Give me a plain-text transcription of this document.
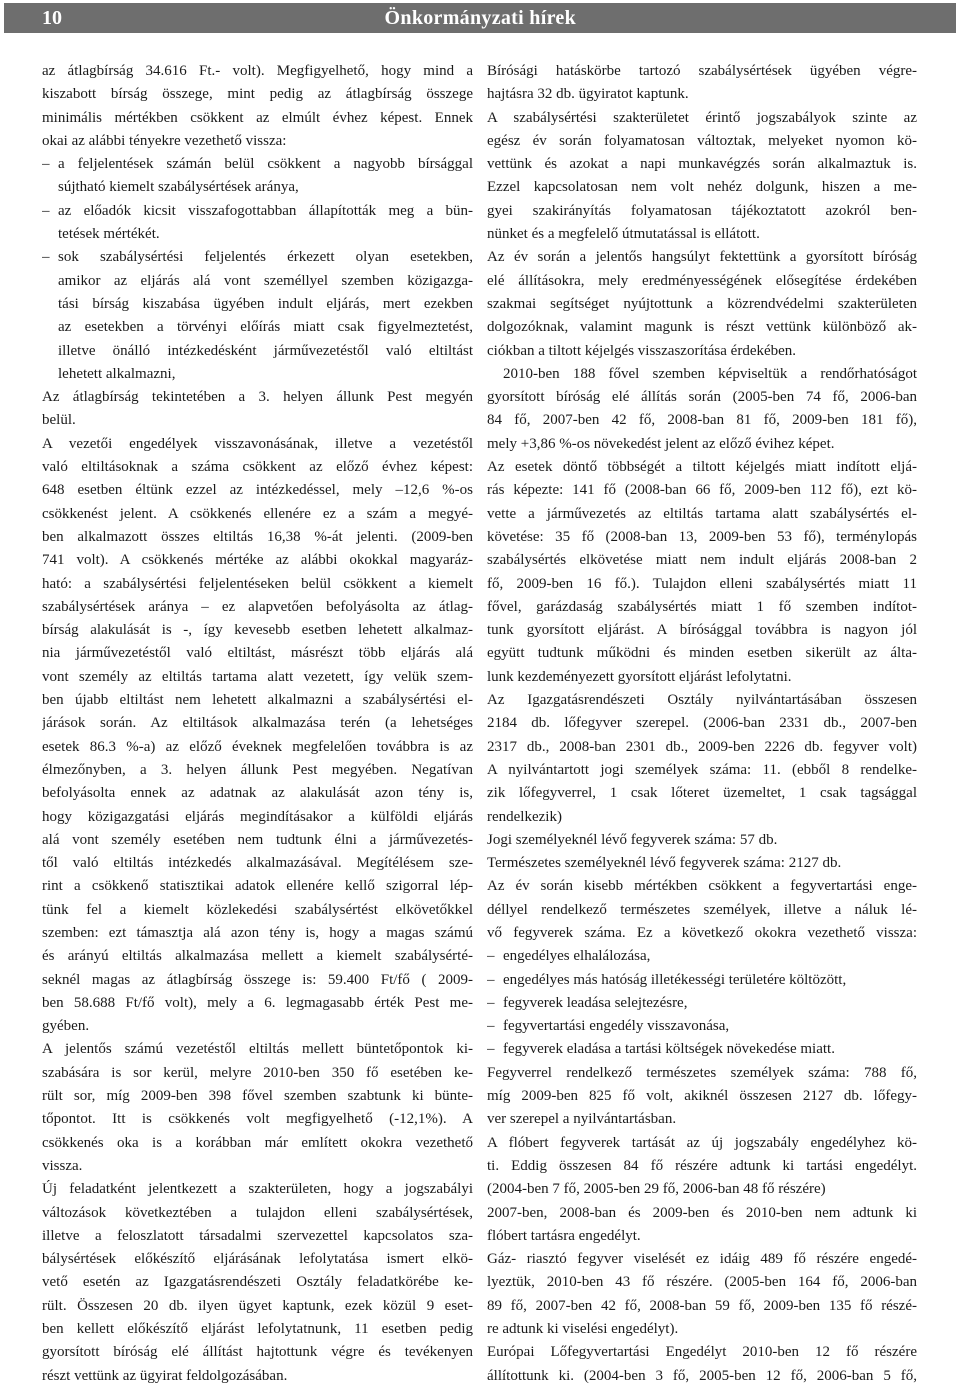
10	Önkormányzati hírek
az átlagbírság 34.616 Ft.- volt). Megfigyelhető, hogy mind a
kiszabott bírság összege, mint pedig az átlagbírság összege
minimális mértékben csökkent az elmúlt évhez képest. Ennek
okai az alábbi tényekre vezethető vissza:
– a feljelentések számán belül csökkent a nagyobb bírsággal
sújtható kiemelt szabálysértések aránya,
– az előadók kicsit visszafogottabban állapították meg a bün-
tetések mértékét.
– sok szabálysértési feljelentés érkezett olyan esetekben,
amikor az eljárás alá vont személlyel szemben közigazga-
tási bírság kiszabása ügyében indult eljárás, mert ezekben
az esetekben a törvényi előírás miatt csak figyelmeztetést,
illetve önálló intézkedésként járművezetéstől való eltiltást
lehetett alkalmazni,
Az átlagbírság tekintetében a 3. helyen állunk Pest megyén
belül.
A vezetői engedélyek visszavonásának, illetve a vezetéstől
való eltiltásoknak a száma csökkent az előző évhez képest:
648 esetben éltünk ezzel az intézkedéssel, mely –12,6 %-os
csökkenést jelent. A csökkenés ellenére ez a szám a megyé-
ben alkalmazott összes eltiltás 16,38 %-át jelenti. (2009-ben
741 volt). A csökkenés mértéke az alábbi okokkal magyaráz-
ható: a szabálysértési feljelentéseken belül csökkent a kiemelt
szabálysértések aránya – ez alapvetően befolyásolta az átlag-
bírság alakulását is -, így kevesebb esetben lehetett alkalmaz-
nia járművezetéstől való eltiltást, másrészt több eljárás alá
vont személy az eltiltás tartama alatt vezetett, így velük szem-
ben újabb eltiltást nem lehetett alkalmazni a szabálysértési el-
járások során. Az eltiltások alkalmazása terén (a lehetséges
esetek 86.3 %-a) az előző éveknek megfelelően továbbra is az
élmezőnyben, a 3. helyen állunk Pest megyében. Negatívan
befolyásolta ennek az adatnak az alakulását azon tény is,
hogy közigazgatási eljárás megindításakor a külföldi eljárás
alá vont személy esetében nem tudtunk élni a járművezetés-
től való eltiltás intézkedés alkalmazásával. Megítélésem sze-
rint a csökkenő statisztikai adatok ellenére kellő szigorral lép-
tünk fel a kiemelt közlekedési szabálysértést elkövetőkkel
szemben: ezt támasztja alá azon tény is, hogy a magas számú
és arányú eltiltás alkalmazása mellett a kiemelt szabálysérté-
seknél magas az átlagbírság összege is: 59.400 Ft/fő ( 2009-
ben 58.688 Ft/fő volt), mely a 6. legmagasabb érték Pest me-
gyében.
A jelentős számú vezetéstől eltiltás mellett büntetőpontok ki-
szabására is sor kerül, melyre 2010-ben 350 fő esetében ke-
rült sor, míg 2009-ben 398 fővel szemben szabtunk ki büntе-
tőpontot. Itt is csökkenés volt megfigyelhető (-12,1%). A
csökkenés oka is a korábban már említett okokra vezethető
vissza.
Új feladatként jelentkezett a szakterületen, hogy a jogszabályi
változások következtében a tulajdon elleni szabálysértések,
illetve a feloszlatott társadalmi szervezettel kapcsolatos sza-
bálysértések előkészítő eljárásának lefolytatása ismert elkö-
vető esetén az Igazgatásrendészeti Osztály feladatkörébe ke-
rült. Összesen 20 db. ilyen ügyet kaptunk, ezek közül 9 eset-
ben kellett előkészítő eljárást lefolytatnunk, 11 esetben pedig
gyorsított bíróság elé állítást hajtottunk végre és tevékenyen
részt vettünk az ügyirat feldolgozásában.
Bírósági hatáskörbe tartozó szabálysértések ügyében végre-
hajtásra 32 db. ügyiratot kaptunk.
A szabálysértési szakterületet érintő jogszabályok szinte az
egész év során folyamatosan változtak, melyeket nyomon kö-
vettünk és azokat a napi munkavégzés során alkalmaztuk is.
Ezzel kapcsolatosan nem volt nehéz dolgunk, hiszen a me-
gyei szakirányítás folyamatosan tájékoztatott azokról ben-
nünket és a megfelelő útmutatással is ellátott.
Az év során a jelentős hangsúlyt fektettünk a gyorsított bíróság
elé állításokra, mely eredményességének elősegítése érdekében
szakmai segítséget nyújtottunk a közrendvédelmi szakterületen
dolgozóknak, valamint magunk is részt vettünk különböző ak-
ciókban a tiltott kéjelgés visszaszorítása érdekében.
2010-ben 188 fővel szemben képviseltük a rendőrhatóságot
gyorsított bíróság elé állítás során (2005-ben 74 fő, 2006-ban
84 fő, 2007-ben 42 fő, 2008-ban 81 fő, 2009-ben 181 fő),
mely +3,86 %-os növekedést jelent az előző évihez képet.
Az esetek döntő többségét a tiltott kéjelgés miatt indított eljá-
rás képezte: 141 fő (2008-ban 66 fő, 2009-ben 112 fő), ezt kö-
vette a járművezetés az eltiltás tartama alatt szabálysértés el-
követése: 35 fő (2008-ban 13, 2009-ben 53 fő), terménylopás
szabálysértés elkövetése miatt nem indult eljárás 2008-ban 2
fő, 2009-ben 16 fő.). Tulajdon elleni szabálysértés miatt 11
fővel, garázdaság szabálysértés miatt 1 fő szemben indítot-
tunk gyorsított eljárást. A bírósággal továbbra is nagyon jól
együtt tudtunk működni és minden esetben sikerült az álta-
lunk kezdeményezett gyorsított eljárást lefolytatni.
Az Igazgatásrendészeti Osztály nyilvántartásában összesen
2184 db. lőfegyver szerepel. (2006-ban 2331 db., 2007-ben
2317 db., 2008-ban 2301 db., 2009-ben 2226 db. fegyver volt)
A nyilvántartott jogi személyek száma: 11. (ebből 8 rendelke-
zik lőfegyverrel, 1 csak lőteret üzemeltet, 1 csak tagsággal
rendelkezik)
Jogi személyeknél lévő fegyverek száma: 57 db.
Természetes személyeknél lévő fegyverek száma: 2127 db.
Az év során kisebb mértékben csökkent a fegyvertartási enge-
déllyel rendelkező természetes személyek, illetve a náluk lé-
vő fegyverek száma. Ez a következő okokra vezethető vissza:
– engedélyes elhalálozása,
– engedélyes más hatóság illetékességi területére költözött,
– fegyverek leadása selejtezésre,
– fegyvertartási engedély visszavonása,
– fegyverek eladása a tartási költségek növekedése miatt.
Fegyverrel rendelkező természetes személyek száma: 788 fő,
míg 2009-ben 825 fő volt, akiknél összesen 2127 db. lőfegy-
ver szerepel a nyilvántartásban.
A flóbert fegyverek tartását az új jogszabály engedélyhez kö-
ti. Eddig összesen 84 fő részére adtunk ki tartási engedélyt.
(2004-ben 7 fő, 2005-ben 29 fő, 2006-ban 48 fő részére)
2007-ben, 2008-ban és 2009-ben és 2010-ben nem adtunk ki
flóbert tartásra engedélyt.
Gáz- riasztó fegyver viselését ez idáig 489 fő részére engedé-
lyeztük, 2010-ben 43 fő részére. (2005-ben 164 fő, 2006-ban
89 fő, 2007-ben 42 fő, 2008-ban 59 fő, 2009-ben 135 fő részé-
re adtunk ki viselési engedélyt).
Európai Lőfegyvertartási Engedélyt 2010-ben 12 fő részére
állítottunk ki. (2004-ben 3 fő, 2005-ben 12 fő, 2006-ban 5 fő,
